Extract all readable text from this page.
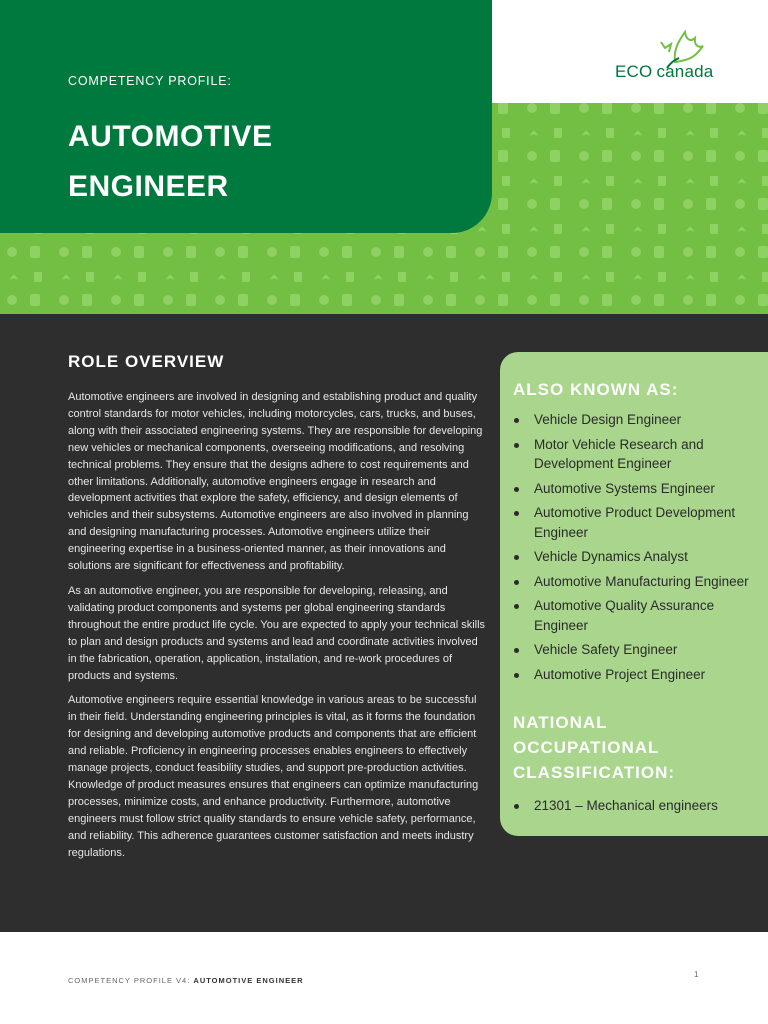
ECO canada
COMPETENCY PROFILE:
AUTOMOTIVE
ENGINEER
ROLE OVERVIEW

Automotive engineers are involved in designing and establishing product and quality control standards for motor vehicles, including motorcycles, cars, trucks, and buses, along with their associated engineering systems. They are responsible for developing new vehicles or mechanical components, overseeing modifications, and resolving technical problems. They ensure that the designs adhere to cost requirements and other limitations. Additionally, automotive engineers engage in research and development activities that explore the safety, efficiency, and design elements of vehicles and their subsystems. Automotive engineers are also involved in planning and designing manufacturing processes. Automotive engineers utilize their engineering expertise in a business-oriented manner, as their innovations and solutions are significant for effectiveness and profitability.

As an automotive engineer, you are responsible for developing, releasing, and validating product components and systems per global engineering standards throughout the entire product life cycle. You are expected to apply your technical skills to plan and design products and systems and lead and coordinate activities involved in the fabrication, operation, application, installation, and re-work procedures of products and systems.

Automotive engineers require essential knowledge in various areas to be successful in their field. Understanding engineering principles is vital, as it forms the foundation for designing and developing automotive products and components that are efficient and reliable. Proficiency in engineering processes enables engineers to effectively manage projects, conduct feasibility studies, and support pre-production activities. Knowledge of product measures ensures that engineers can optimize manufacturing processes, minimize costs, and enhance productivity. Furthermore, automotive engineers must follow strict quality standards to ensure vehicle safety, performance, and reliability. This adherence guarantees customer satisfaction and meets industry regulations.

ALSO KNOWN AS:
Vehicle Design Engineer
Motor Vehicle Research and Development Engineer
Automotive Systems Engineer
Automotive Product Development Engineer
Vehicle Dynamics Analyst
Automotive Manufacturing Engineer
Automotive Quality Assurance Engineer
Vehicle Safety Engineer
Automotive Project Engineer
NATIONAL
OCCUPATIONAL
CLASSIFICATION:
21301 – Mechanical engineers
COMPETENCY PROFILE V4: AUTOMOTIVE ENGINEER
1
